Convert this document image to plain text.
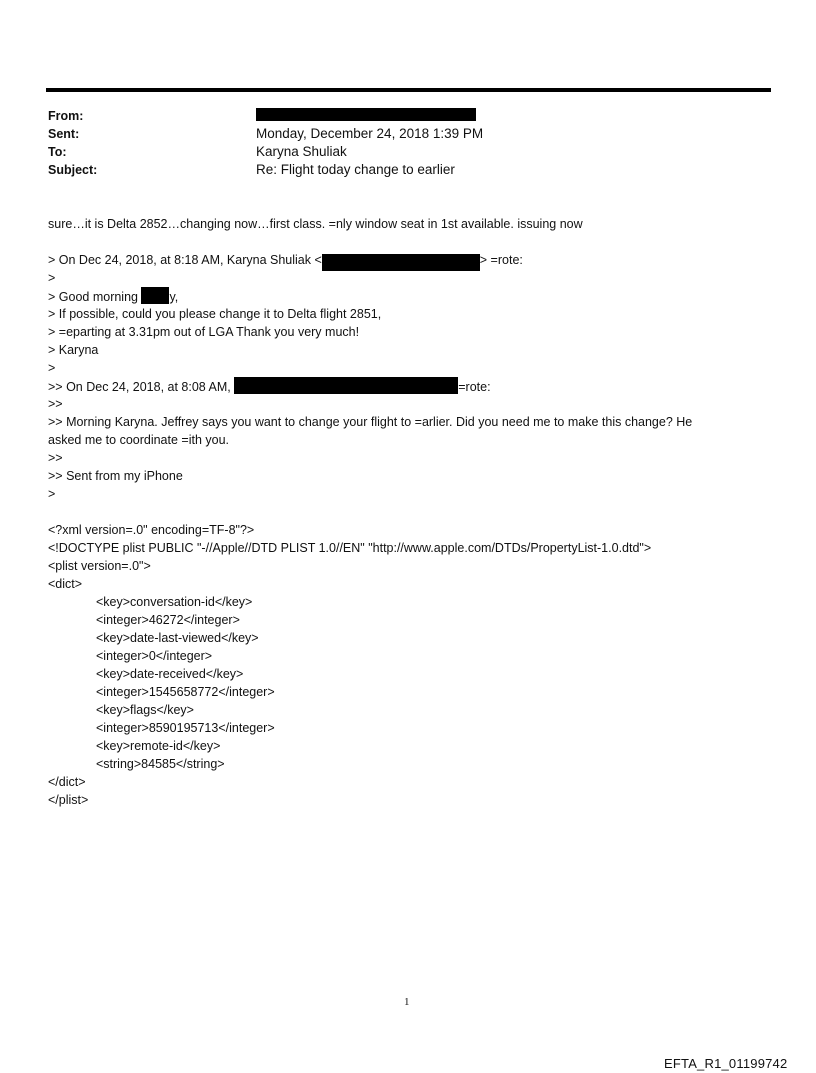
From:
Sent:
To:
Subject:
Monday, December 24, 2018 1:39 PM
Karyna Shuliak
Re: Flight today change to earlier
sure…it is Delta 2852…changing now…first class. =nly window seat in 1st available. issuing now
> On Dec 24, 2018, at 8:18 AM, Karyna Shuliak <k	> =rote:
>
> Good morning y,
> If possible, could you please change it to Delta flight 2851,
> =eparting at 3.31pm out of LGA Thank you very much!
> Karyna
>
>> On Dec 24, 2018, at 8:08 AM,	=rote:
>>
>> Morning Karyna. Jeffrey says you want to change your flight to =arlier. Did you need me to make this change? He
asked me to coordinate =ith you.
>>
>> Sent from my iPhone
>
<?xml version=.0" encoding=TF-8"?>
<!DOCTYPE plist PUBLIC "-//Apple//DTD PLIST 1.0//EN" "http://www.apple.com/DTDs/PropertyList-1.0.dtd">
<plist version=.0">
<dict>
<key>conversation-id</key>
<integer>46272</integer>
<key>date-last-viewed</key>
<integer>0</integer>
<key>date-received</key>
<integer>1545658772</integer>
<key>flags</key>
<integer>8590195713</integer>
<key>remote-id</key>
<string>84585</string>
</dict>
</plist>
1
EFTA_R1_01199742
